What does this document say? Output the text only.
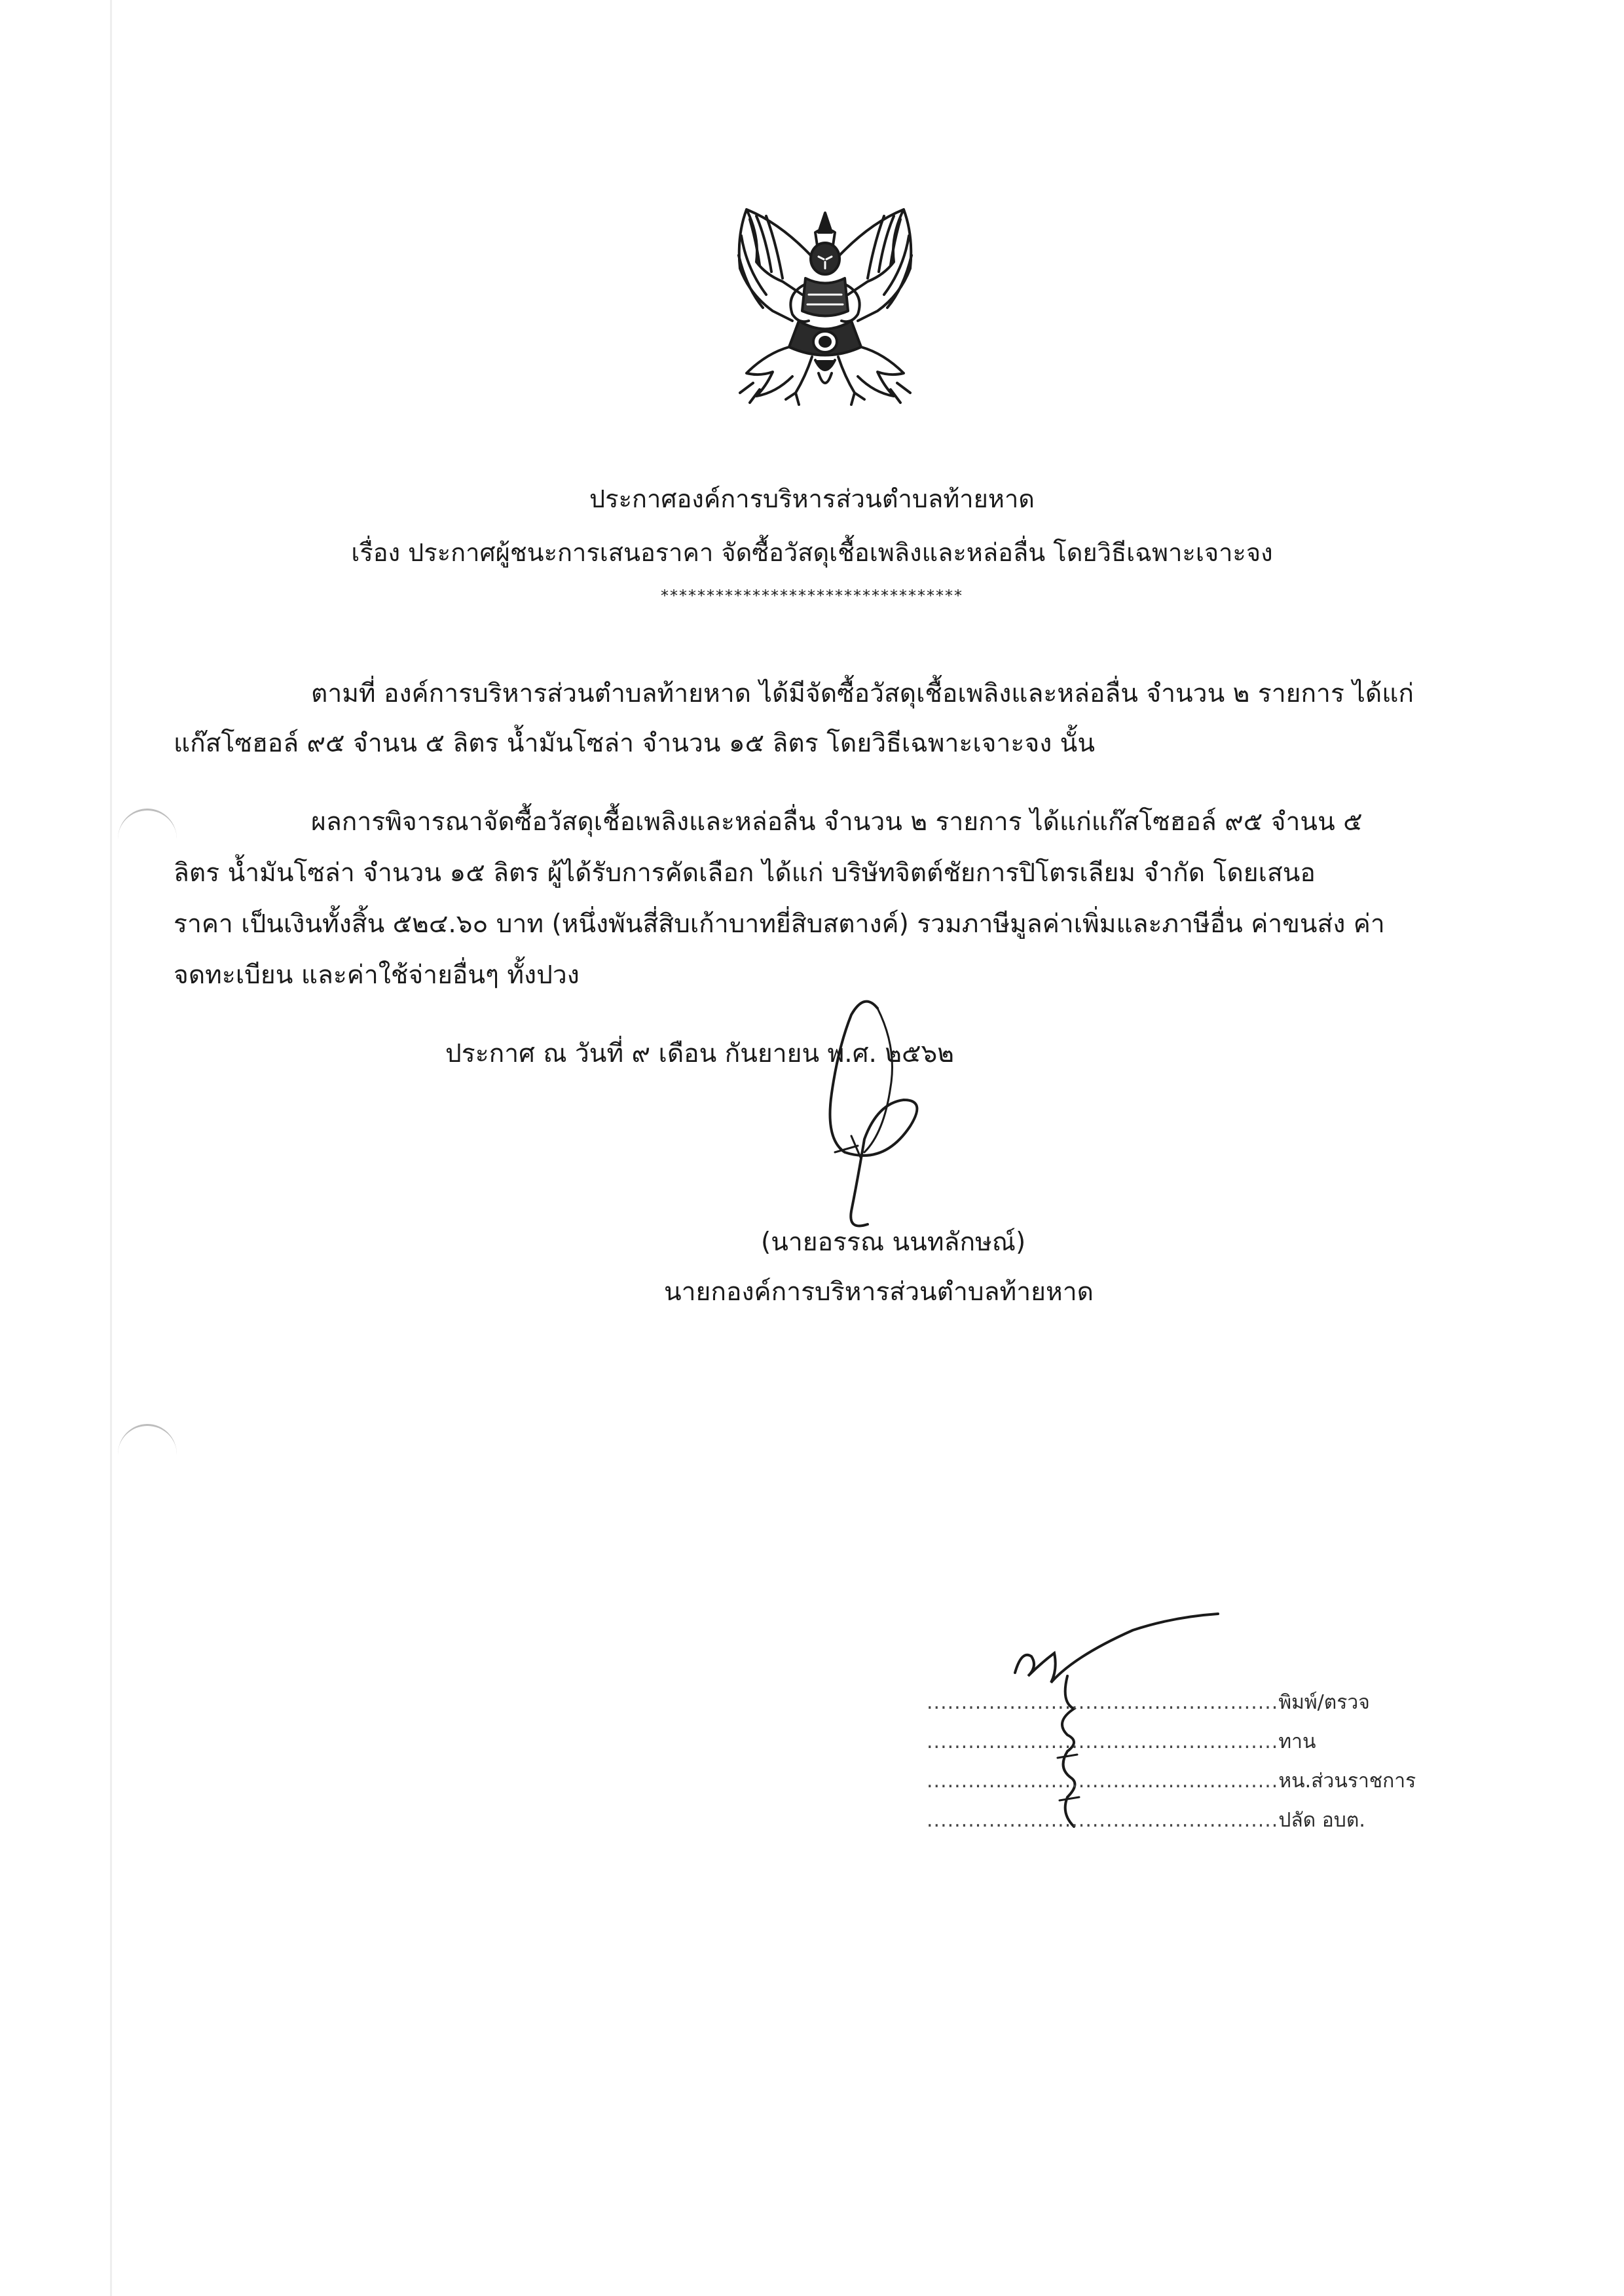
ประกาศองค์การบริหารส่วนตำบลท้ายหาด
เรื่อง ประกาศผู้ชนะการเสนอราคา จัดซื้อวัสดุเชื้อเพลิงและหล่อลื่น โดยวิธีเฉพาะเจาะจง
*********************************
ตามที่ องค์การบริหารส่วนตำบลท้ายหาด ได้มีจัดซื้อวัสดุเชื้อเพลิงและหล่อลื่น จำนวน ๒ รายการ ได้แก่
แก๊สโซฮอล์ ๙๕ จำนน ๕ ลิตร น้ำมันโซล่า จำนวน ๑๕ ลิตร โดยวิธีเฉพาะเจาะจง นั้น
ผลการพิจารณาจัดซื้อวัสดุเชื้อเพลิงและหล่อลื่น จำนวน ๒ รายการ ได้แก่แก๊สโซฮอล์ ๙๕ จำนน ๕
ลิตร น้ำมันโซล่า จำนวน ๑๕ ลิตร ผู้ได้รับการคัดเลือก ได้แก่ บริษัทจิตต์ชัยการปิโตรเลียม จำกัด โดยเสนอ
ราคา เป็นเงินทั้งสิ้น ๕๒๔.๖๐ บาท (หนึ่งพันสี่สิบเก้าบาทยี่สิบสตางค์) รวมภาษีมูลค่าเพิ่มและภาษีอื่น ค่าขนส่ง ค่า
จดทะเบียน และค่าใช้จ่ายอื่นๆ ทั้งปวง
ประกาศ ณ วันที่ ๙ เดือน กันยายน พ.ศ. ๒๕๖๒
(นายอรรณ นนทลักษณ์)
นายกองค์การบริหารส่วนตำบลท้ายหาด
...................................................พิมพ์/ตรวจ
...................................................ทาน
...................................................หน.ส่วนราชการ
...................................................ปลัด อบต.
